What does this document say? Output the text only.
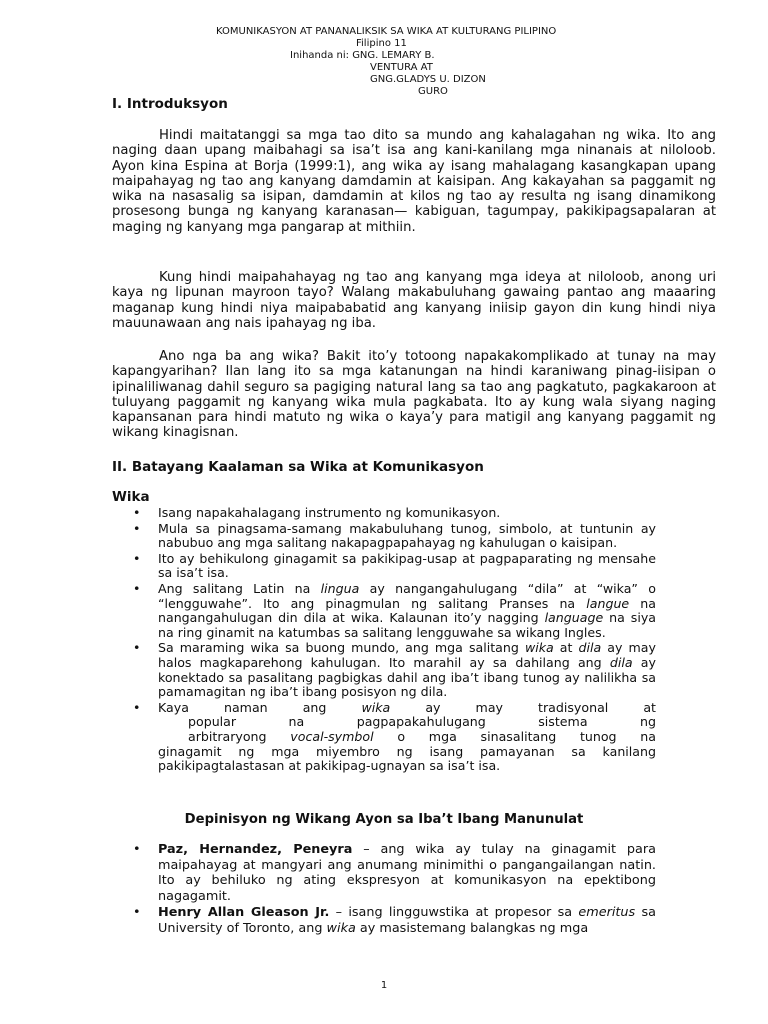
KOMUNIKASYON AT PANANALIKSIK SA WIKA AT KULTURANG PILIPINO
Filipino 11
Inihanda ni: GNG. LEMARY B.
VENTURA AT
GNG.GLADYS U. DIZON
GURO
I. Introduksyon

Hindi maitatanggi sa mga tao dito sa mundo ang kahalagahan ng wika. Ito ang naging daan upang maibahagi sa isa’t isa ang kani-kanilang mga ninanais at niloloob. Ayon kina Espina at Borja (1999:1), ang wika ay isang mahalagang kasangkapan upang maipahayag ng tao ang kanyang damdamin at kaisipan. Ang kakayahan sa paggamit ng wika na nasasalig sa isipan, damdamin at kilos ng tao ay resulta ng isang dinamikong prosesong bunga ng kanyang karanasan— kabiguan, tagumpay, pakikipagsapalaran at maging ng kanyang mga pangarap at mithiin.

Kung hindi maipahahayag ng tao ang kanyang mga ideya at niloloob, anong uri kaya ng lipunan mayroon tayo? Walang makabuluhang gawaing pantao ang maaaring maganap kung hindi niya maipababatid ang kanyang iniisip gayon din kung hindi niya mauunawaan ang nais ipahayag ng iba.

Ano nga ba ang wika? Bakit ito’y totoong napakakomplikado at tunay na may kapangyarihan? Ilan lang ito sa mga katanungan na hindi karaniwang pinag-iisipan o ipinaliliwanag dahil seguro sa pagiging natural lang sa tao ang pagkatuto, pagkakaroon at tuluyang paggamit ng kanyang wika mula pagkabata. Ito ay kung wala siyang naging kapansanan para hindi matuto ng wika o kaya’y para matigil ang kanyang paggamit ng wikang kinagisnan.

II. Batayang Kaalaman sa Wika at Komunikasyon
Wika
• Isang napakahalagang instrumento ng komunikasyon.
• Mula sa pinagsama-samang makabuluhang tunog, simbolo, at tuntunin ay nabubuo ang mga salitang nakapagpapahayag ng kahulugan o kaisipan.
• Ito ay behikulong ginagamit sa pakikipag-usap at pagpaparating ng mensahe sa isa’t isa.
• Ang salitang Latin na lingua ay nangangahulugang “dila” at “wika” o “lengguwahe”. Ito ang pinagmulan ng salitang Pranses na langue na nangangahulugan din dila at wika. Kalaunan ito’y nagging language na siya na ring ginamit na katumbas sa salitang lengguwahe sa wikang Ingles.
• Sa maraming wika sa buong mundo, ang mga salitang wika at dila ay may halos magkaparehong kahulugan. Ito marahil ay sa dahilang ang dila ay konektado sa pasalitang pagbigkas dahil ang iba’t ibang tunog ay nalilikha sa pamamagitan ng iba’t ibang posisyon ng dila.
• Kaya naman ang wika ay may tradisyonal at
popular na pagpapakahulugang sistema ng
arbitraryong vocal-symbol o mga sinasalitang tunog na
ginagamit ng mga miyembro ng isang pamayanan sa kanilang pakikipagtalastasan at pakikipag-ugnayan sa isa’t isa.
Depinisyon ng Wikang Ayon sa Iba’t Ibang Manunulat
• Paz, Hernandez, Peneyra – ang wika ay tulay na ginagamit para maipahayag at mangyari ang anumang minimithi o pangangailangan natin. Ito ay behiluko ng ating ekspresyon at komunikasyon na epektibong nagagamit.
• Henry Allan Gleason Jr. – isang lingguwstika at propesor sa emeritus sa University of Toronto, ang wika ay masistemang balangkas ng mga
1
